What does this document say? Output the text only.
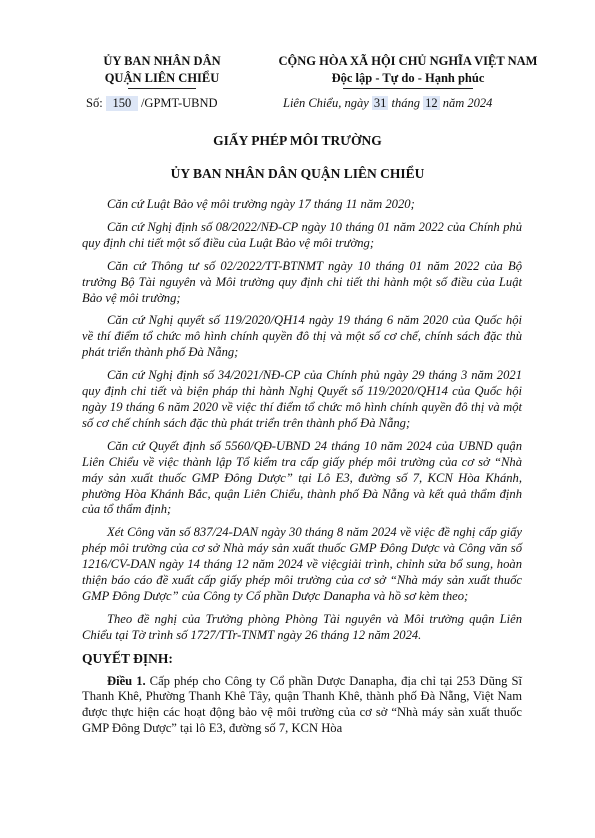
ỦY BAN NHÂN DÂN
QUẬN LIÊN CHIỂU
CỘNG HÒA XÃ HỘI CHỦ NGHĨA VIỆT NAM
Độc lập - Tự do - Hạnh phúc
Số: 150 /GPMT-UBND	Liên Chiểu, ngày 31 tháng 12 năm 2024
GIẤY PHÉP MÔI TRƯỜNG
ỦY BAN NHÂN DÂN QUẬN LIÊN CHIỂU

Căn cứ Luật Bảo vệ môi trường ngày 17 tháng 11 năm 2020;

Căn cứ Nghị định số 08/2022/NĐ-CP ngày 10 tháng 01 năm 2022 của Chính phủ quy định chi tiết một số điều của Luật Bảo vệ môi trường;

Căn cứ Thông tư số 02/2022/TT-BTNMT ngày 10 tháng 01 năm 2022 của Bộ trưởng Bộ Tài nguyên và Môi trường quy định chi tiết thi hành một số điều của Luật Bảo vệ môi trường;

Căn cứ Nghị quyết số 119/2020/QH14 ngày 19 tháng 6 năm 2020 của Quốc hội về thí điểm tổ chức mô hình chính quyền đô thị và một số cơ chế, chính sách đặc thù phát triển thành phố Đà Nẵng;

Căn cứ Nghị định số 34/2021/NĐ-CP của Chính phủ ngày 29 tháng 3 năm 2021 quy định chi tiết và biện pháp thi hành Nghị Quyết số 119/2020/QH14 của Quốc hội ngày 19 tháng 6 năm 2020 về việc thí điểm tổ chức mô hình chính quyền đô thị và một số cơ chế chính sách đặc thù phát triển trên thành phố Đà Nẵng;

Căn cứ Quyết định số 5560/QĐ-UBND 24 tháng 10 năm 2024 của UBND quận Liên Chiểu về việc thành lập Tổ kiểm tra cấp giấy phép môi trường của cơ sở “Nhà máy sản xuất thuốc GMP Đông Dược” tại Lô E3, đường số 7, KCN Hòa Khánh, phường Hòa Khánh Bắc, quận Liên Chiểu, thành phố Đà Nẵng và kết quả thẩm định của tổ thẩm định;

Xét Công văn số 837/24-DAN ngày 30 tháng 8 năm 2024 về việc đề nghị cấp giấy phép môi trường của cơ sở Nhà máy sản xuất thuốc GMP Đông Dược và Công văn số 1216/CV-DAN ngày 14 tháng 12 năm 2024 về việcgiải trình, chỉnh sửa bổ sung, hoàn thiện báo cáo đề xuất cấp giấy phép môi trường của cơ sở “Nhà máy sản xuất thuốc GMP Đông Dược” của Công ty Cổ phần Dược Danapha và hồ sơ kèm theo;

Theo đề nghị của Trưởng phòng Phòng Tài nguyên và Môi trường quận Liên Chiểu tại Tờ trình số 1727/TTr-TNMT ngày 26 tháng 12 năm 2024.

QUYẾT ĐỊNH:

Điều 1. Cấp phép cho Công ty Cổ phần Dược Danapha, địa chỉ tại 253 Dũng Sĩ Thanh Khê, Phường Thanh Khê Tây, quận Thanh Khê, thành phố Đà Nẵng, Việt Nam được thực hiện các hoạt động bảo vệ môi trường của cơ sở “Nhà máy sản xuất thuốc GMP Đông Dược” tại lô E3, đường số 7, KCN Hòa
